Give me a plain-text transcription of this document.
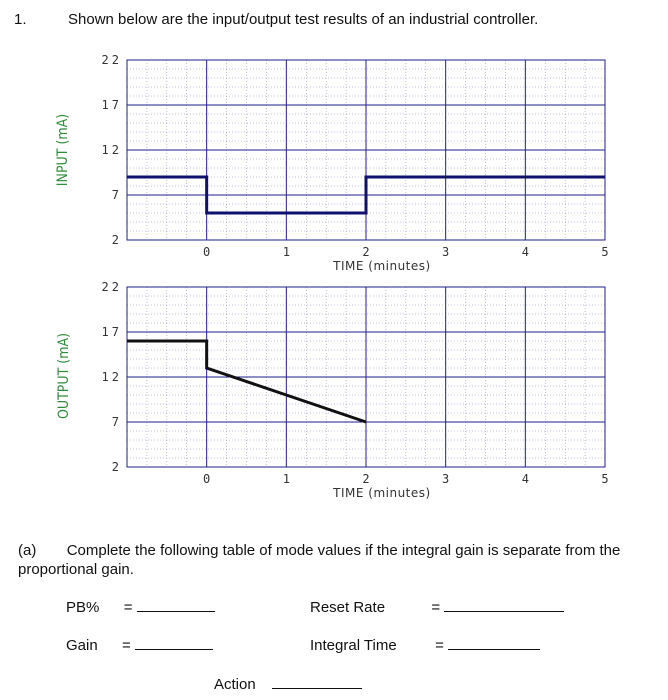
1.	Shown below are the input/output test results of an industrial controller.
INPUT (mA)
OUTPUT (mA)
2
7
12
17
22
0	1	2	3	4	5
TIME (minutes)
2
7
12
17
22
0	1	2	3	4	5
TIME (minutes)
(a) Complete the following table of mode values if the integral gain is separate from the proportional gain.
PB% =	Reset Rate	=
Gain =	Integral Time	=
Action
